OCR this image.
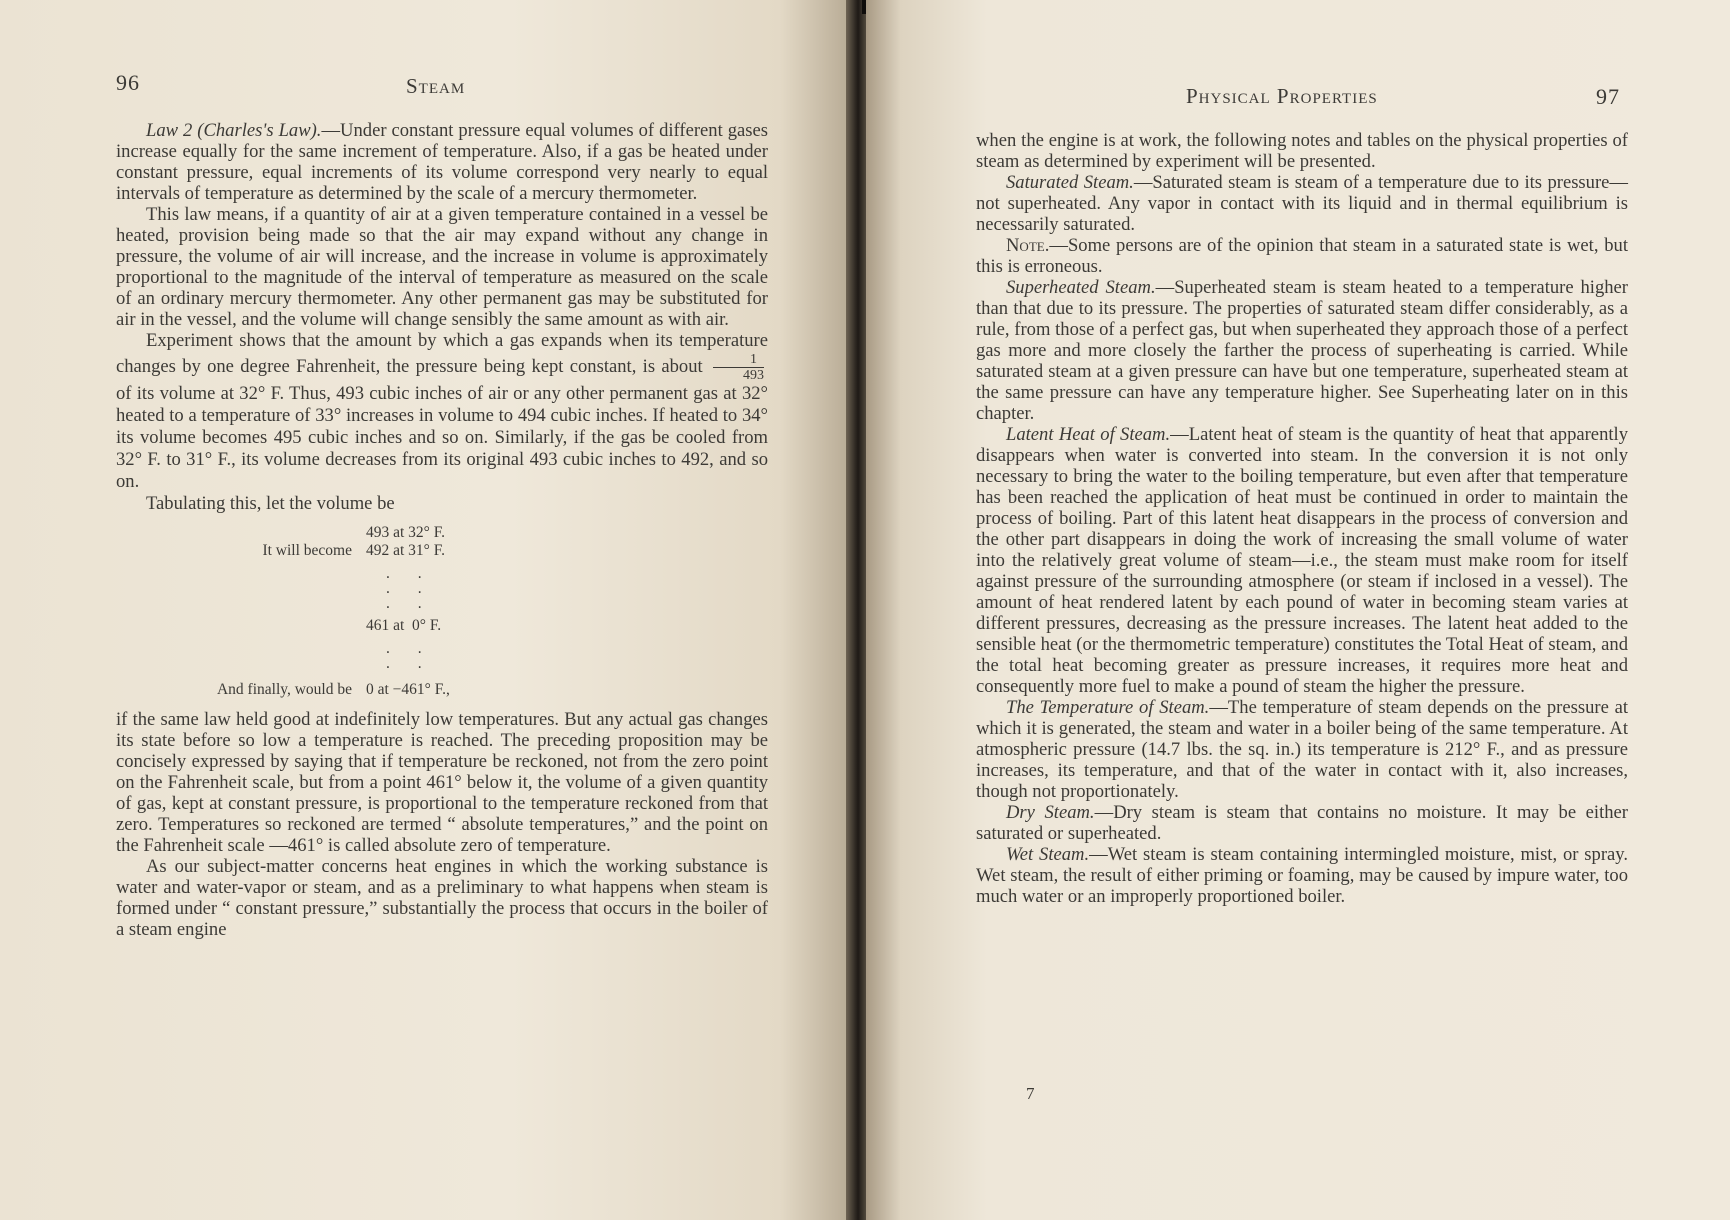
96	Steam

Law 2 (Charles's Law).—Under constant pressure equal volumes of different gases increase equally for the same increment of temperature. Also, if a gas be heated under constant pressure, equal increments of its volume correspond very nearly to equal intervals of temperature as determined by the scale of a mercury thermometer.

This law means, if a quantity of air at a given temperature contained in a vessel be heated, provision being made so that the air may expand without any change in pressure, the volume of air will increase, and the increase in volume is approximately proportional to the magnitude of the interval of temperature as measured on the scale of an ordinary mercury thermometer. Any other permanent gas may be substituted for air in the vessel, and the volume will change sensibly the same amount as with air.

Experiment shows that the amount by which a gas expands when its temperature changes by one degree Fahrenheit, the pressure being kept constant, is about $\frac{1}{493}$
of its volume at 32° F. Thus, 493 cubic inches of air or any other permanent gas at 32° heated to a temperature of 33° increases in volume to 494 cubic inches. If heated to 34° its volume becomes 495 cubic inches and so on. Similarly, if the gas be cooled from 32° F. to 31° F., its volume decreases from its original 493 cubic inches to 492, and so on.

Tabulating this, let the volume be

493 at 32° F.
It will become 492 at 31° F.
. .
. .
. .
461 at  0° F.
. .
. .
And finally, would be 0 at −461° F.,

if the same law held good at indefinitely low temperatures. But any actual gas changes its state before so low a temperature is reached. The preceding proposition may be concisely expressed by saying that if temperature be reckoned, not from the zero point on the Fahrenheit scale, but from a point 461° below it, the volume of a given quantity of gas, kept at constant pressure, is proportional to the temperature reckoned from that zero. Temperatures so reckoned are termed “ absolute temperatures,” and the point on the Fahrenheit scale —461° is called absolute zero of temperature.

As our subject-matter concerns heat engines in which the working substance is water and water-vapor or steam, and as a preliminary to what happens when steam is formed under “ constant pressure,” substantially the process that occurs in the boiler of a steam engine

Physical Properties	97

when the engine is at work, the following notes and tables on the physical properties of steam as determined by experiment will be presented.

Saturated Steam.—Saturated steam is steam of a temperature due to its pressure—not superheated. Any vapor in contact with its liquid and in thermal equilibrium is necessarily saturated.

Note.—Some persons are of the opinion that steam in a saturated state is wet, but this is erroneous.

Superheated Steam.—Superheated steam is steam heated to a temperature higher than that due to its pressure. The properties of saturated steam differ considerably, as a rule, from those of a perfect gas, but when superheated they approach those of a perfect gas more and more closely the farther the process of superheating is carried. While saturated steam at a given pressure can have but one temperature, superheated steam at the same pressure can have any temperature higher. See Superheating later on in this chapter.

Latent Heat of Steam.—Latent heat of steam is the quantity of heat that apparently disappears when water is converted into steam. In the conversion it is not only necessary to bring the water to the boiling temperature, but even after that temperature has been reached the application of heat must be continued in order to maintain the process of boiling. Part of this latent heat disappears in the process of conversion and the other part disappears in doing the work of increasing the small volume of water into the relatively great volume of steam—i.e., the steam must make room for itself against pressure of the surrounding atmosphere (or steam if inclosed in a vessel). The amount of heat rendered latent by each pound of water in becoming steam varies at different pressures, decreasing as the pressure increases. The latent heat added to the sensible heat (or the thermometric temperature) constitutes the Total Heat of steam, and the total heat becoming greater as pressure increases, it requires more heat and consequently more fuel to make a pound of steam the higher the pressure.

The Temperature of Steam.—The temperature of steam depends on the pressure at which it is generated, the steam and water in a boiler being of the same temperature. At atmospheric pressure (14.7 lbs. the sq. in.) its temperature is 212° F., and as pressure increases, its temperature, and that of the water in contact with it, also increases, though not proportionately.

Dry Steam.—Dry steam is steam that contains no moisture. It may be either saturated or superheated.

Wet Steam.—Wet steam is steam containing intermingled moisture, mist, or spray. Wet steam, the result of either priming or foaming, may be caused by impure water, too much water or an improperly proportioned boiler.

7
